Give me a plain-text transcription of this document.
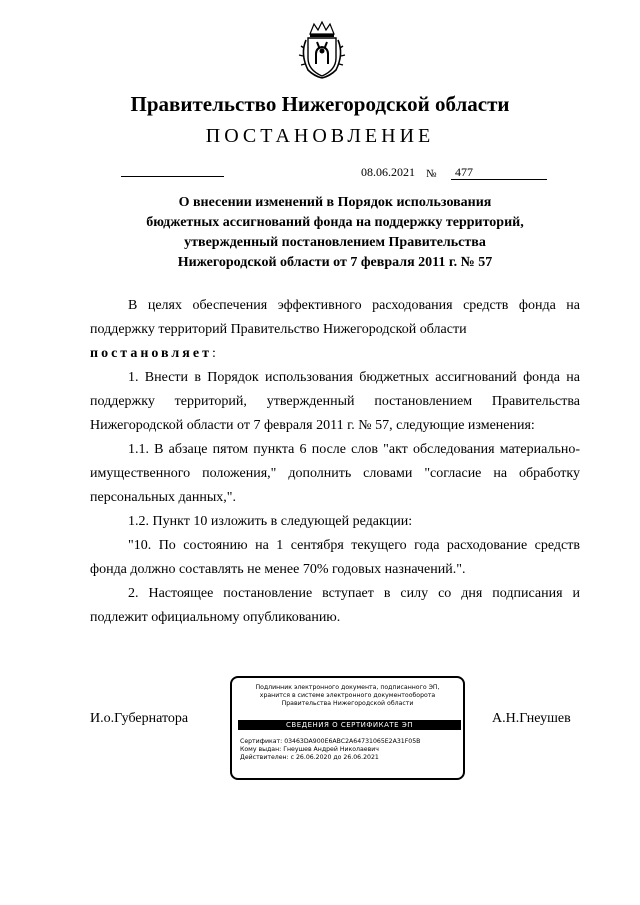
Правительство Нижегородской области
ПОСТАНОВЛЕНИЕ
08.06.2021 №	477
О внесении изменений в Порядок использования
бюджетных ассигнований фонда на поддержку территорий,
утвержденный постановлением Правительства
Нижегородской области от 7 февраля 2011 г. № 57

В целях обеспечения эффективного расходования средств фонда на поддержку территорий Правительство Нижегородской области

постановляет:

1. Внести в Порядок использования бюджетных ассигнований фонда на поддержку территорий, утвержденный постановлением Правительства Нижегородской области от 7 февраля 2011 г. № 57, следующие изменения:

1.1. В абзаце пятом пункта 6 после слов "акт обследования материально-имущественного положения," дополнить словами "согласие на обработку персональных данных,".

1.2. Пункт 10 изложить в следующей редакции:

"10. По состоянию на 1 сентября текущего года расходование средств фонда должно составлять не менее 70% годовых назначений.".

2. Настоящее постановление вступает в силу со дня подписания и подлежит официальному опубликованию.

И.о.Губернатора	А.Н.Гнеушев
Подлинник электронного документа, подписанного ЭП,
хранится в системе электронного документооборота
Правительства Нижегородской области
СВЕДЕНИЯ О СЕРТИФИКАТЕ ЭП
Сертификат: 03463DA900E6ABC2A64731065E2A31F05B
Кому выдан: Гнеушев Андрей Николаевич
Действителен: с 26.06.2020 до 26.06.2021
